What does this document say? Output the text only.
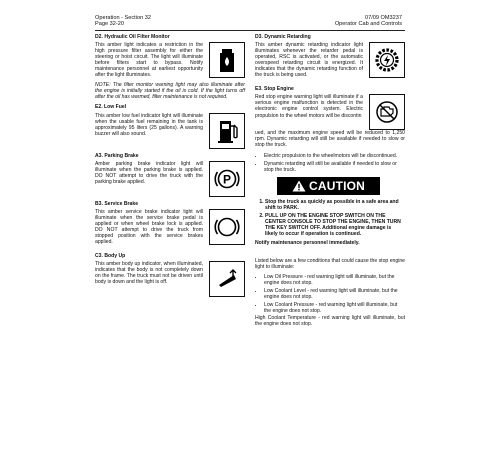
Operation - Section 32
Page 32-20
07/09 OM3237
Operator Cab and Controls
D2. Hydraulic Oil Filter Monitor
This amber light indicates a restriction in the high pressure filter assembly for either the steering or hoist circuit. The light will illuminate before filters start to bypass. Notify maintenance personnel at earliest opportunity after the light illuminates.
NOTE: The filter monitor warning light may also illuminate after the engine is initially started if the oil is cold. If the light turns off after the oil has warmed, filter maintenance is not required.
E2. Low Fuel
This amber low fuel indicator light will illuminate when the usable fuel remaining in the tank is approximately 95 liters (25 gallons). A warning buzzer will also sound.
A3. Parking Brake
Amber parking brake indicator light will illuminate when the parking brake is applied. DO NOT attempt to drive the truck with the parking brake applied.	P
B3. Service Brake
This amber service brake indicator light will illuminate when the service brake pedal is applied or when wheel brake lock is applied. DO NOT attempt to drive the truck from stopped position with the service brakes applied.
C3. Body Up
This amber body up indicator, when illuminated, indicates that the body is not completely down on the frame. The truck must not be driven until body is down and the light is off.
D3. Dynamic Retarding
This amber dynamic retarding indicator light illuminates whenever the retarder pedal is operated, RSC is activated, or the automatic overspeed retarding circuit is energized. It indicates that the dynamic retarding function of the truck is being used.
E3. Stop Engine
Red stop engine warning light will illuminate if a serious engine malfunction is detected in the electronic engine control system. Electric propulsion to the wheel motors will be discontin
ued, and the maximum engine speed will be reduced to 1,250 rpm. Dynamic retarding will still be available if needed to slow or stop the truck.
• Electric propulsion to the wheelmotors will be discontinued.
• Dynamic retarding will still be available if needed to slow or stop the truck.
CAUTION
1. Stop the truck as quickly as possible in a safe area and shift to PARK.
2. PULL UP ON THE ENGINE STOP SWITCH ON THE CENTER CONSOLE TO STOP THE ENGINE, THEN TURN THE KEY SWITCH OFF. Additional engine damage is likely to occur if operation is continued.
Notify maintenance personnel immediately.
Listed below are a few conditions that could cause the stop engine light to illuminate:
• Low Oil Pressure - red warning light will illuminate, but the engine does not stop.
• Low Coolant Level - red warning light will illuminate, but the engine does not stop.
• Low Coolant Pressure - red warning light will illuminate, but the engine does not stop.
High Coolant Temperature - red warning light will illuminate, but the engine does not stop.
